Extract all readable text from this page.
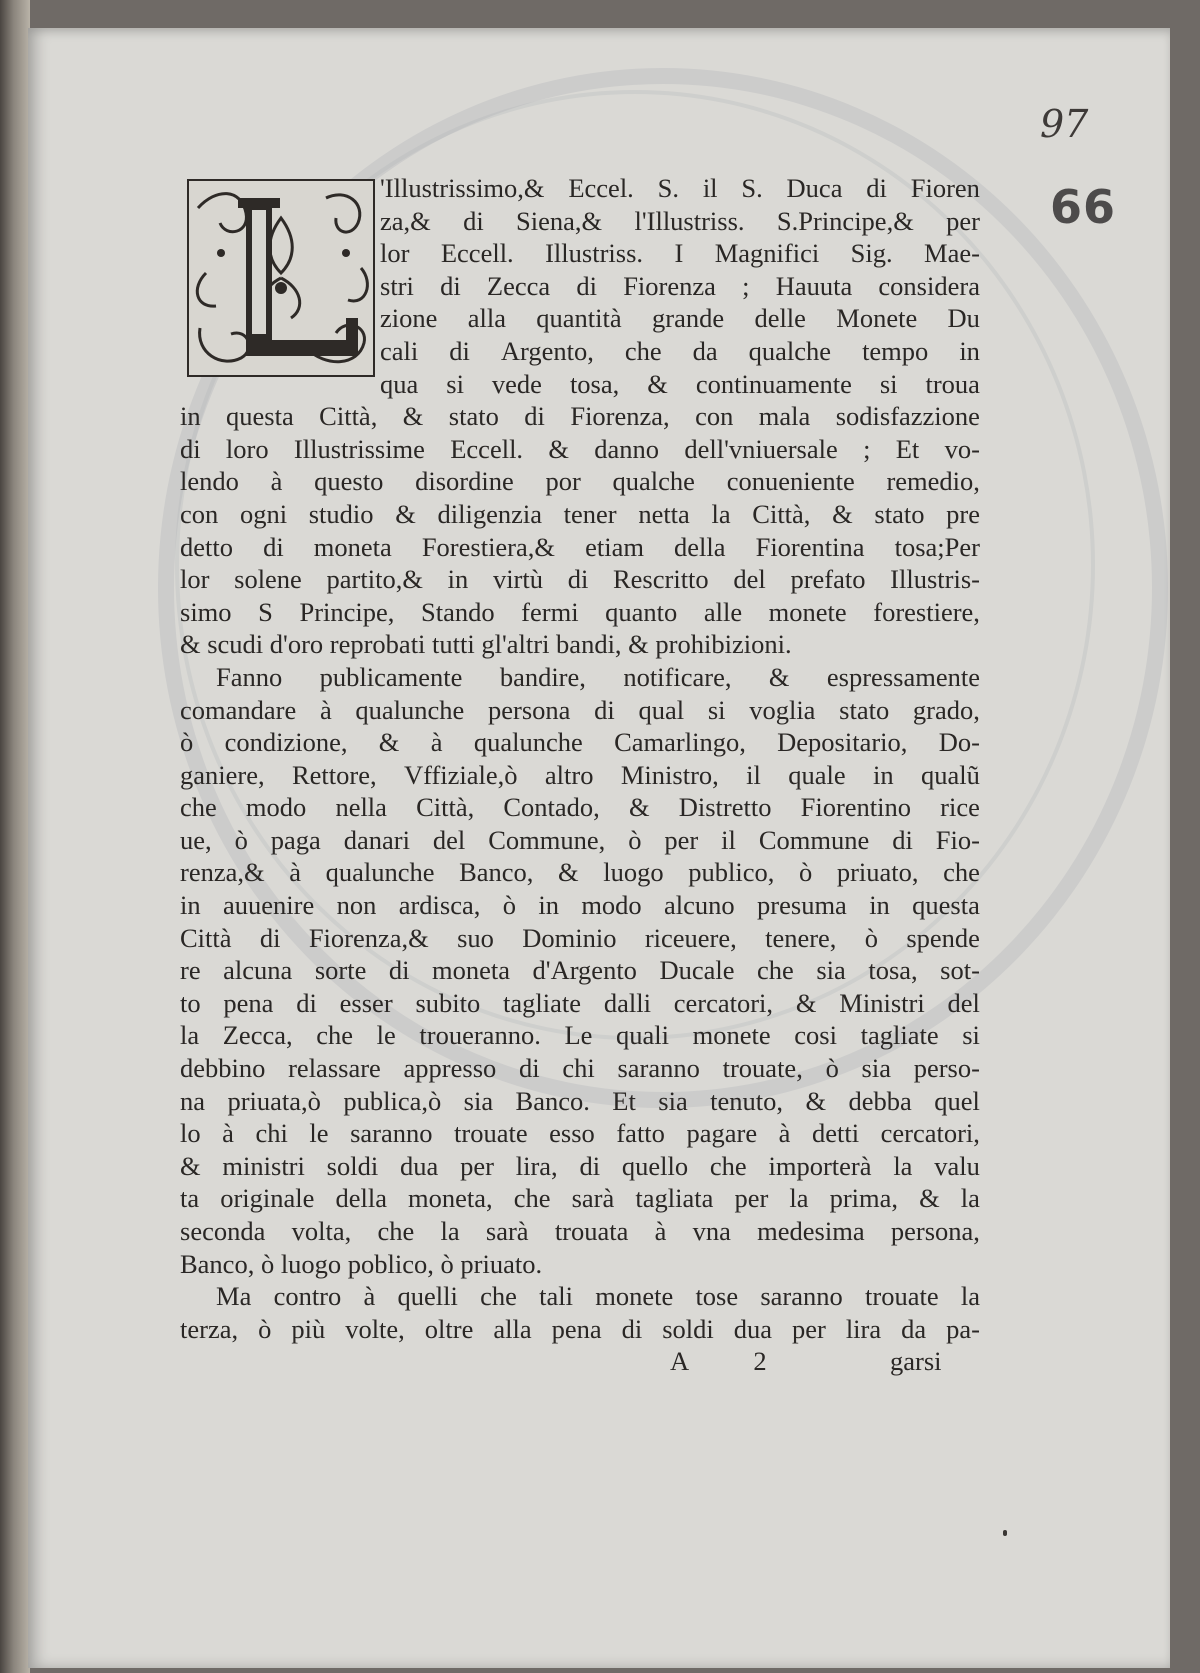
97
66
'Illustrissimo,& Eccel. S. il S. Duca di Fioren
za,& di Siena,& l'Illustriss. S.Principe,& per
lor Eccell. Illustriss. I Magnifici Sig. Mae-
stri di Zecca di Fiorenza ; Hauuta considera
zione alla quantità grande delle Monete Du
cali di Argento, che da qualche tempo in
qua si vede tosa, & continuamente si troua
in questa Città, & stato di Fiorenza, con mala sodisfazzione
di loro Illustrissime Eccell. & danno dell'vniuersale ; Et vo-
lendo à questo disordine por qualche conueniente remedio,
con ogni studio & diligenzia tener netta la Città, & stato pre
detto di moneta Forestiera,& etiam della Fiorentina tosa;Per
lor solene partito,& in virtù di Rescritto del prefato Illustris-
simo S Principe, Stando fermi quanto alle monete forestiere,
& scudi d'oro reprobati tutti gl'altri bandi, & prohibizioni.
Fanno publicamente bandire, notificare, & espressamente
comandare à qualunche persona di qual si voglia stato grado,
ò condizione, & à qualunche Camarlingo, Depositario, Do-
ganiere, Rettore, Vffiziale,ò altro Ministro, il quale in qualũ
che modo nella Città, Contado, & Distretto Fiorentino rice
ue, ò paga danari del Commune, ò per il Commune di Fio-
renza,& à qualunche Banco, & luogo publico, ò priuato, che
in auuenire non ardisca, ò in modo alcuno presuma in questa
Città di Fiorenza,& suo Dominio riceuere, tenere, ò spende
re alcuna sorte di moneta d'Argento Ducale che sia tosa, sot-
to pena di esser subito tagliate dalli cercatori, & Ministri del
la Zecca, che le troueranno. Le quali monete cosi tagliate si
debbino relassare appresso di chi saranno trouate, ò sia perso-
na priuata,ò publica,ò sia Banco. Et sia tenuto, & debba quel
lo à chi le saranno trouate esso fatto pagare à detti cercatori,
& ministri soldi dua per lira, di quello che importerà la valu
ta originale della moneta, che sarà tagliata per la prima, & la
seconda volta, che la sarà trouata à vna medesima persona,
Banco, ò luogo poblico, ò priuato.
Ma contro à quelli che tali monete tose saranno trouate la
terza, ò più volte, oltre alla pena di soldi dua per lira da pa-
A	2	garsi
